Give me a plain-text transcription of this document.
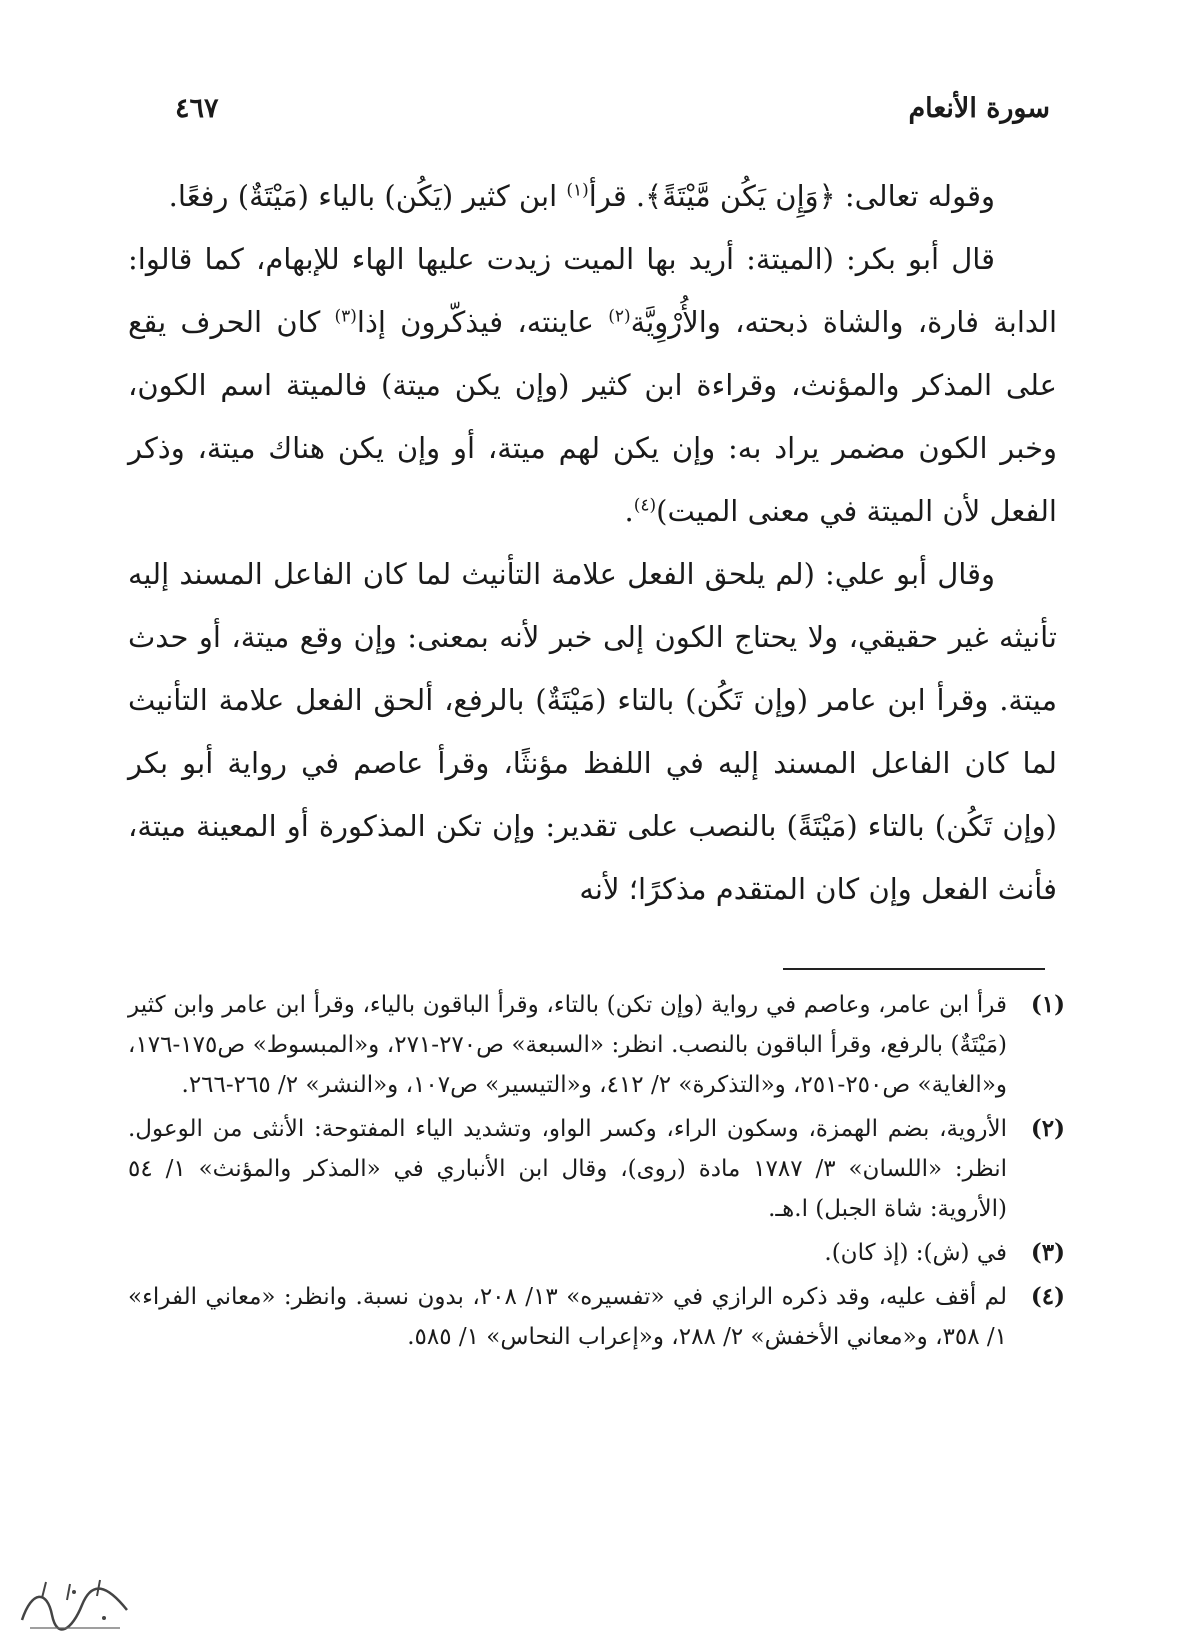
سورة الأنعام
٤٦٧

وقوله تعالى: ﴿وَإِن يَكُن مَّيْتَةً﴾. قرأ$^{(١)}$ ابن كثير (يَكُن) بالياء (مَيْتَةٌ) رفعًا.

قال أبو بكر: (الميتة: أريد بها الميت زيدت عليها الهاء للإبهام، كما قالوا: الدابة فارة، والشاة ذبحته، والأُرْوِيَّة$^{(٢)}$ عاينته، فيذكّرون إذا$^{(٣)}$ كان الحرف يقع على المذكر والمؤنث، وقراءة ابن كثير (وإن يكن ميتة) فالميتة اسم الكون، وخبر الكون مضمر يراد به: وإن يكن لهم ميتة، أو وإن يكن هناك ميتة، وذكر الفعل لأن الميتة في معنى الميت)$^{(٤)}$.

وقال أبو علي: (لم يلحق الفعل علامة التأنيث لما كان الفاعل المسند إليه تأنيثه غير حقيقي، ولا يحتاج الكون إلى خبر لأنه بمعنى: وإن وقع ميتة، أو حدث ميتة. وقرأ ابن عامر (وإن تَكُن) بالتاء (مَيْتَةٌ) بالرفع، ألحق الفعل علامة التأنيث لما كان الفاعل المسند إليه في اللفظ مؤنثًا، وقرأ عاصم في رواية أبو بكر (وإن تَكُن) بالتاء (مَيْتَةً) بالنصب على تقدير: وإن تكن المذكورة أو المعينة ميتة، فأنث الفعل وإن كان المتقدم مذكرًا؛ لأنه

(١)
قرأ ابن عامر، وعاصم في رواية (وإن تكن) بالتاء، وقرأ الباقون بالياء، وقرأ ابن عامر وابن كثير (مَيْتَةٌ) بالرفع، وقرأ الباقون بالنصب. انظر: «السبعة» ص٢٧٠-٢٧١، و«المبسوط» ص١٧٥-١٧٦، و«الغاية» ص٢٥٠-٢٥١، و«التذكرة» ٢/ ٤١٢، و«التيسير» ص١٠٧، و«النشر» ٢/ ٢٦٥-٢٦٦.
(٢)
الأروية، بضم الهمزة، وسكون الراء، وكسر الواو، وتشديد الياء المفتوحة: الأنثى من الوعول. انظر: «اللسان» ٣/ ١٧٨٧ مادة (روى)، وقال ابن الأنباري في «المذكر والمؤنث» ١/ ٥٤ (الأروية: شاة الجبل) ا.هـ.
(٣)
في (ش): (إذ كان).
(٤)
لم أقف عليه، وقد ذكره الرازي في «تفسيره» ١٣/ ٢٠٨، بدون نسبة. وانظر: «معاني الفراء» ١/ ٣٥٨، و«معاني الأخفش» ٢/ ٢٨٨، و«إعراب النحاس» ١/ ٥٨٥.
